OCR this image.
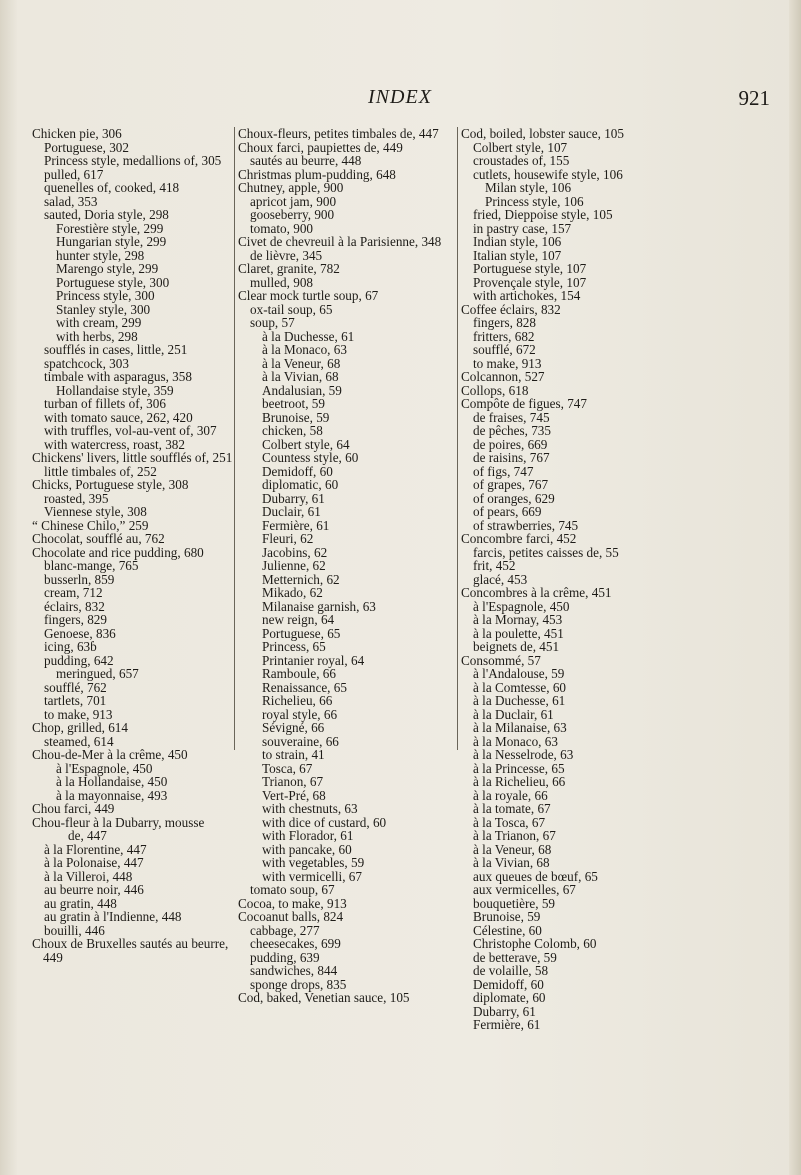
INDEX	921

Chicken pie, 306

Portuguese, 302

Princess style, medallions of, 305

pulled, 617

quenelles of, cooked, 418

salad, 353

sauted, Doria style, 298

Forestière style, 299

Hungarian style, 299

hunter style, 298

Marengo style, 299

Portuguese style, 300

Princess style, 300

Stanley style, 300

with cream, 299

with herbs, 298

soufflés in cases, little, 251

spatchcock, 303

timbale with asparagus, 358

Hollandaise style, 359

turban of fillets of, 306

with tomato sauce, 262, 420

with truffles, vol-au-vent of, 307

with watercress, roast, 382

Chickens' livers, little soufflés of, 251

little timbales of, 252

Chicks, Portuguese style, 308

roasted, 395

Viennese style, 308

“ Chinese Chilo,” 259

Chocolat, soufflé au, 762

Chocolate and rice pudding, 680

blanc-mange, 765

busserln, 859

cream, 712

éclairs, 832

fingers, 829

Genoese, 836

icing, 63ɓ

pudding, 642

meringued, 657

soufflé, 762

tartlets, 701

to make, 913

Chop, grilled, 614

steamed, 614

Chou-de-Mer à la crême, 450

à l'Espagnole, 450

à la Hollandaise, 450

à la mayonnaise, 493

Chou farci, 449

Chou-fleur à la Dubarry, mousse

de, 447

à la Florentine, 447

à la Polonaise, 447

à la Villeroi, 448

au beurre noir, 446

au gratin, 448

au gratin à l'Indienne, 448

bouilli, 446

Choux de Bruxelles sautés au beurre, 449

Choux-fleurs, petites timbales de, 447

Choux farci, paupiettes de, 449

sautés au beurre, 448

Christmas plum-pudding, 648

Chutney, apple, 900

apricot jam, 900

gooseberry, 900

tomato, 900

Civet de chevreuil à la Parisienne, 348

de lièvre, 345

Claret, granite, 782

mulled, 908

Clear mock turtle soup, 67

ox-tail soup, 65

soup, 57

à la Duchesse, 61

à la Monaco, 63

à la Veneur, 68

à la Vivian, 68

Andalusian, 59

beetroot, 59

Brunoise, 59

chicken, 58

Colbert style, 64

Countess style, 60

Demidoff, 60

diplomatic, 60

Dubarry, 61

Duclair, 61

Fermière, 61

Fleuri, 62

Jacobins, 62

Julienne, 62

Metternich, 62

Mikado, 62

Milanaise garnish, 63

new reign, 64

Portuguese, 65

Princess, 65

Printanier royal, 64

Ramboule, 66

Renaissance, 65

Richelieu, 66

royal style, 66

Sévigné, 66

souveraine, 66

to strain, 41

Tosca, 67

Trianon, 67

Vert-Pré, 68

with chestnuts, 63

with dice of custard, 60

with Florador, 61

with pancake, 60

with vegetables, 59

with vermicelli, 67

tomato soup, 67

Cocoa, to make, 913

Cocoanut balls, 824

cabbage, 277

cheesecakes, 699

pudding, 639

sandwiches, 844

sponge drops, 835

Cod, baked, Venetian sauce, 105

Cod, boiled, lobster sauce, 105

Colbert style, 107

croustades of, 155

cutlets, housewife style, 106

Milan style, 106

Princess style, 106

fried, Dieppoise style, 105

in pastry case, 157

Indian style, 106

Italian style, 107

Portuguese style, 107

Provençale style, 107

with artichokes, 154

Coffee éclairs, 832

fingers, 828

fritters, 682

soufflé, 672

to make, 913

Colcannon, 527

Collops, 618

Compôte de figues, 747

de fraises, 745

de pêches, 735

de poires, 669

de raisins, 767

of figs, 747

of grapes, 767

of oranges, 629

of pears, 669

of strawberries, 745

Concombre farci, 452

farcis, petites caisses de, 55

frit, 452

glacé, 453

Concombres à la crême, 451

à l'Espagnole, 450

à la Mornay, 453

à la poulette, 451

beignets de, 451

Consommé, 57

à l'Andalouse, 59

à la Comtesse, 60

à la Duchesse, 61

à la Duclair, 61

à la Milanaise, 63

à la Monaco, 63

à la Nesselrode, 63

à la Princesse, 65

à la Richelieu, 66

à la royale, 66

à la tomate, 67

à la Tosca, 67

à la Trianon, 67

à la Veneur, 68

à la Vivian, 68

aux queues de bœuf, 65

aux vermicelles, 67

bouquetière, 59

Brunoise, 59

Célestine, 60

Christophe Colomb, 60

de betterave, 59

de volaille, 58

Demidoff, 60

diplomate, 60

Dubarry, 61

Fermière, 61
